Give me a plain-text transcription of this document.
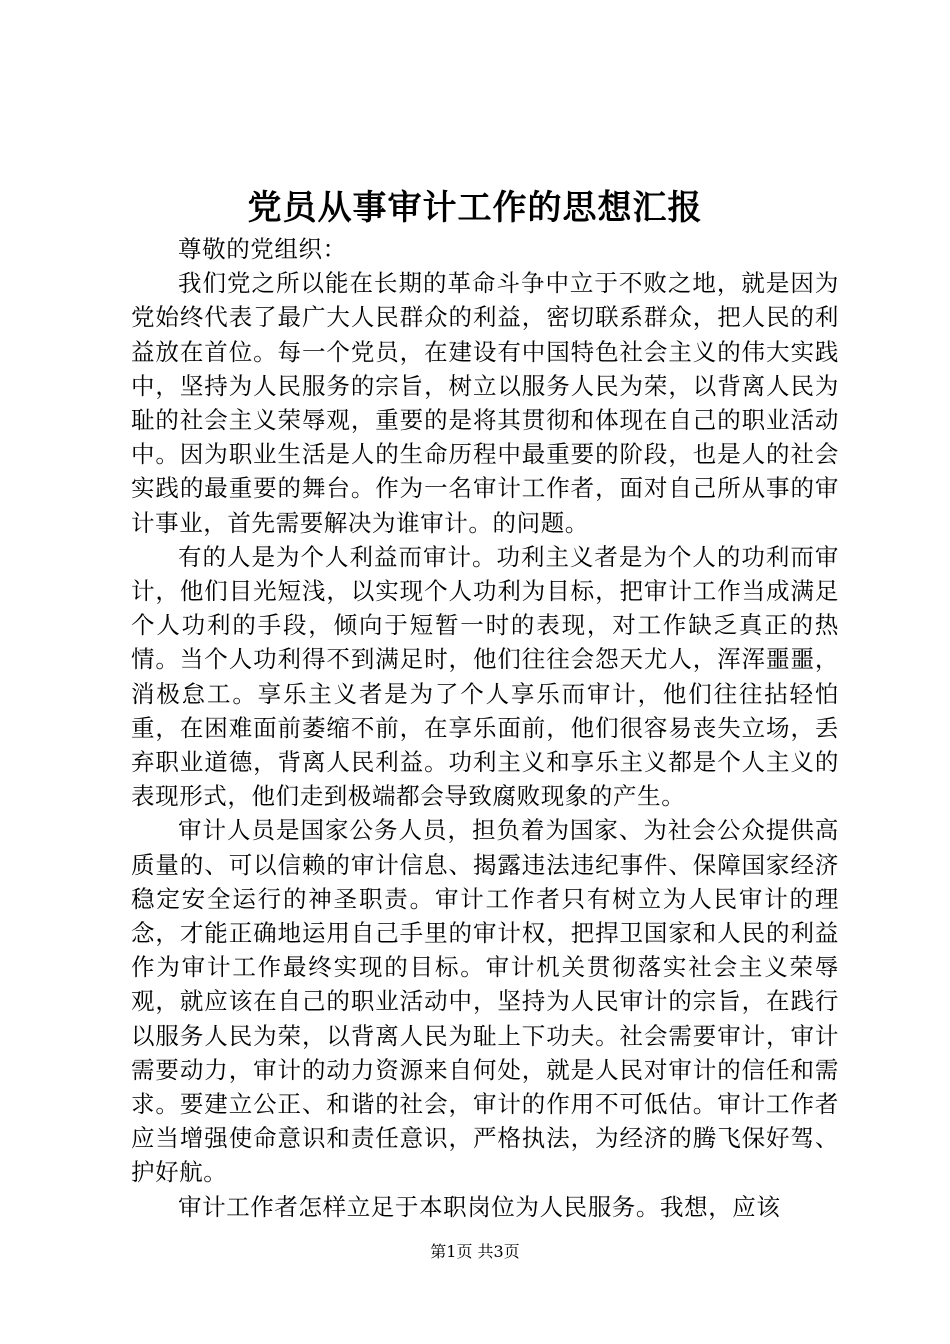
党员从事审计工作的思想汇报

尊敬的党组织：

我们党之所以能在长期的革命斗争中立于不败之地，就是因为党始终代表了最广大人民群众的利益，密切联系群众，把人民的利益放在首位。每一个党员，在建设有中国特色社会主义的伟大实践中，坚持为人民服务的宗旨，树立以服务人民为荣，以背离人民为耻的社会主义荣辱观，重要的是将其贯彻和体现在自己的职业活动中。因为职业生活是人的生命历程中最重要的阶段，也是人的社会实践的最重要的舞台。作为一名审计工作者，面对自己所从事的审计事业，首先需要解决为谁审计。的问题。

有的人是为个人利益而审计。功利主义者是为个人的功利而审计，他们目光短浅，以实现个人功利为目标，把审计工作当成满足个人功利的手段，倾向于短暂一时的表现，对工作缺乏真正的热情。当个人功利得不到满足时，他们往往会怨天尤人，浑浑噩噩，消极怠工。享乐主义者是为了个人享乐而审计，他们往往拈轻怕重，在困难面前萎缩不前，在享乐面前，他们很容易丧失立场，丢弃职业道德，背离人民利益。功利主义和享乐主义都是个人主义的表现形式，他们走到极端都会导致腐败现象的产生。

审计人员是国家公务人员，担负着为国家、为社会公众提供高质量的、可以信赖的审计信息、揭露违法违纪事件、保障国家经济稳定安全运行的神圣职责。审计工作者只有树立为人民审计的理念，才能正确地运用自己手里的审计权，把捍卫国家和人民的利益作为审计工作最终实现的目标。审计机关贯彻落实社会主义荣辱观，就应该在自己的职业活动中，坚持为人民审计的宗旨，在践行以服务人民为荣，以背离人民为耻上下功夫。社会需要审计，审计需要动力，审计的动力资源来自何处，就是人民对审计的信任和需求。要建立公正、和谐的社会，审计的作用不可低估。审计工作者应当增强使命意识和责任意识，严格执法，为经济的腾飞保好驾、护好航。

审计工作者怎样立足于本职岗位为人民服务。我想，应该

第1页 共3页
